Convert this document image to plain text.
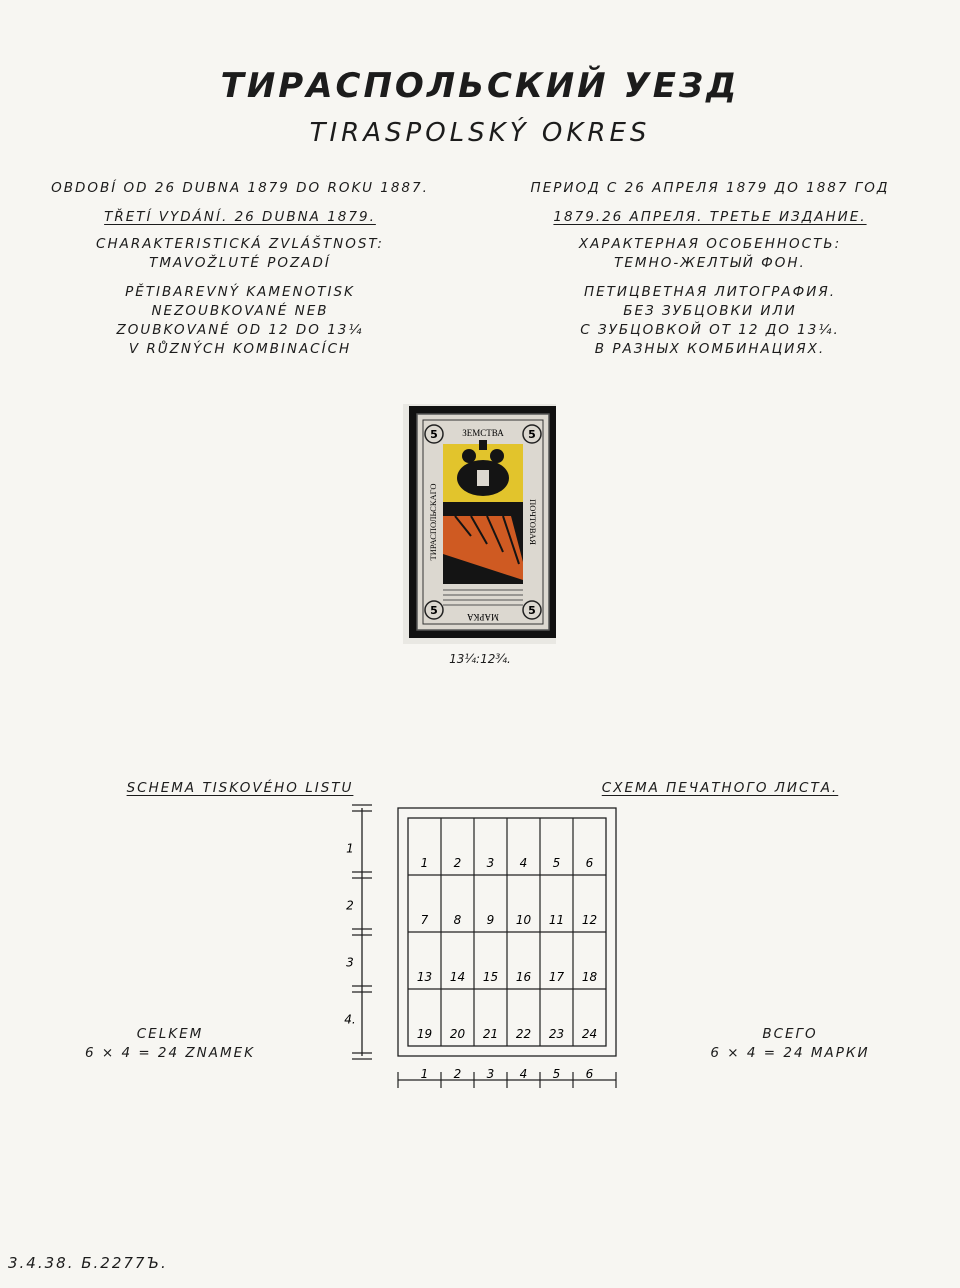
ТИРАСПОЛЬСКИЙ УЕЗД
TIRASPOLSKÝ OKRES
OBDOBÍ OD 26 DUBNA 1879 DO ROKU 1887.
TŘETÍ VYDÁNÍ. 26 DUBNA 1879.
CHARAKTERISTICKÁ ZVLÁŠTNOST:
TMAVOŽLUTÉ POZADÍ
PĚTIBAREVNÝ KAMENOTISK
NEZOUBKOVANÉ NEB
ZOUBKOVANÉ OD 12 DO 13¼
V RŮZNÝCH KOMBINACÍCH
ПЕРИОД С 26 АПРЕЛЯ 1879 ДО 1887 ГОД
1879.26 АПРЕЛЯ. ТРЕТЬЕ ИЗДАНИЕ.
ХАРАКТЕРНАЯ ОСОБЕННОСТЬ:
ТЕМНО-ЖЕЛТЫЙ ФОН.
ПЕТИЦВЕТНАЯ ЛИТОГРАФИЯ.
БЕЗ ЗУБЦОВКИ ИЛИ
С ЗУБЦОВКОЙ ОТ 12 ДО 13¼.
В РАЗНЫХ КОМБИНАЦИЯХ.
5	5
5	5
ЗЕМСТВА
МАРКА
ТИРАСПОЛЬСКАГО	ПОЧТОВАЯ
13¼:12¾.
SCHEMA TISKOVÉHO LISTU	СХЕМА ПЕЧАТНОГО ЛИСТА.
CELKEM
6 × 4 = 24 ZNAMEK
ВСЕГО
6 × 4 = 24 МАРКИ
1 2 3 4 5 6
7 8 9 10 11 12
13 14 15 16 17 18
19 20 21 22 23 24
1
2
3
4.
1 2 3 4 5 6
3.4.38. Б.2277Ъ.
